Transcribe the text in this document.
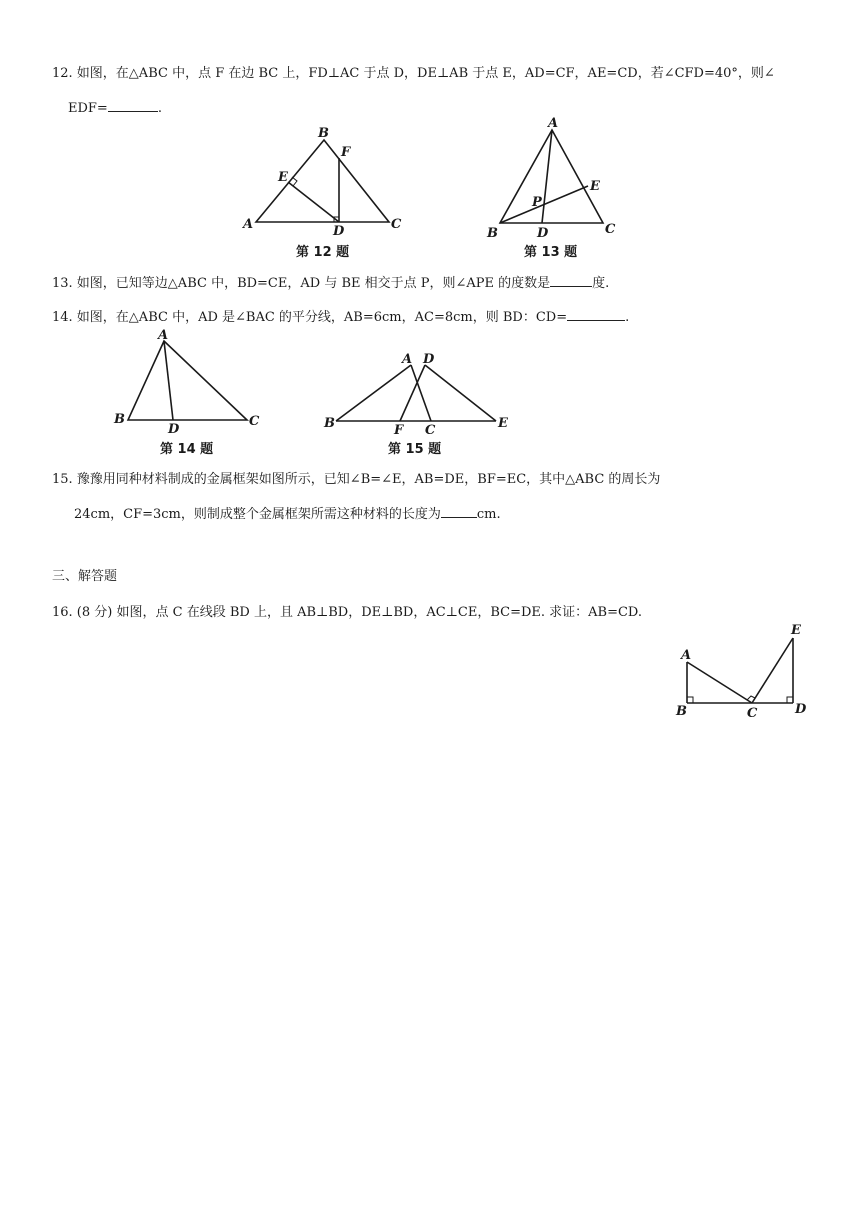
12. 如图，在△ABC 中，点 F 在边 BC 上，FD⊥AC 于点 D，DE⊥AB 于点 E，AD=CF，AE=CD，若∠CFD=40°，则∠
EDF=	.
B
F
E
A	D	C
第 12 题
A
E
P
B	D	C
第 13 题
13. 如图，已知等边△ABC 中，BD=CE，AD 与 BE 相交于点 P，则∠APE 的度数是	度.
14. 如图，在△ABC 中，AD 是∠BAC 的平分线，AB=6cm，AC=8cm，则 BD：CD=	.
A
B
D
C
第 14 题
A D
B	F C	E
第 15 题
15. 豫豫用同种材料制成的金属框架如图所示，已知∠B=∠E，AB=DE，BF=EC，其中△ABC 的周长为
24cm，CF=3cm，则制成整个金属框架所需这种材料的长度为	cm.
三、解答题
16. (8 分) 如图，点 C 在线段 BD 上，且 AB⊥BD，DE⊥BD，AC⊥CE，BC=DE. 求证：AB=CD.
E
A
B	C	D
